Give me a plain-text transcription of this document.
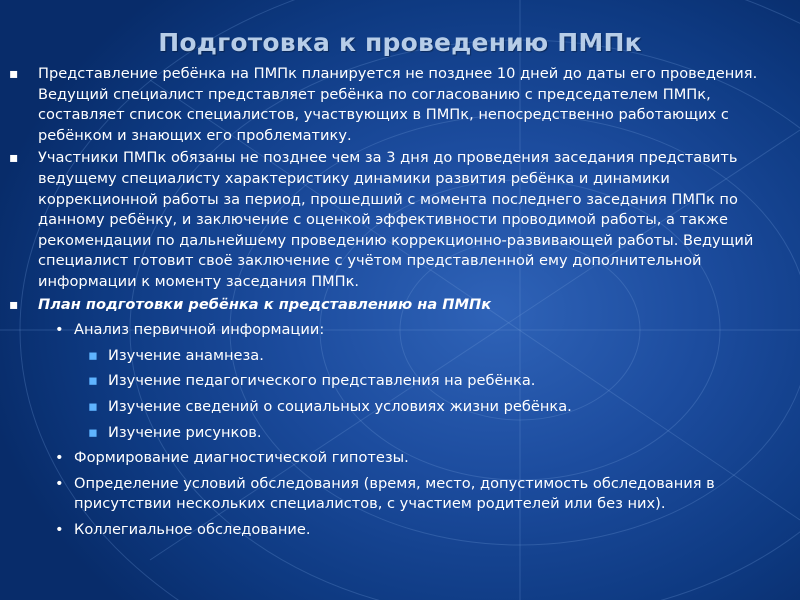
Подготовка к проведению ПМПк
▪ Представление ребёнка на ПМПк планируется не позднее 10 дней до даты его проведения. Ведущий специалист представляет ребёнка по согласованию с председателем ПМПк, составляет список специалистов, участвующих в ПМПк, непосредственно работающих с ребёнком и знающих его проблематику.
▪ Участники ПМПк обязаны не позднее чем за 3 дня до проведения заседания представить ведущему специалисту характеристику динамики развития ребёнка и динамики коррекционной работы за период, прошедший с момента последнего заседания ПМПк по данному ребёнку, и заключение с оценкой эффективности проводимой работы, а также рекомендации по дальнейшему проведению коррекционно-развивающей работы. Ведущий специалист готовит своё заключение с учётом представленной ему дополнительной информации к моменту заседания ПМПк.
▪ План подготовки ребёнка к представлению на ПМПк
• Анализ первичной информации:
▪ Изучение анамнеза.
▪ Изучение педагогического представления на ребёнка.
▪ Изучение сведений о социальных условиях жизни ребёнка.
▪ Изучение рисунков.
• Формирование диагностической гипотезы.
• Определение условий обследования (время, место, допустимость обследования в присутствии нескольких специалистов, с участием родителей или без них).
• Коллегиальное обследование.
